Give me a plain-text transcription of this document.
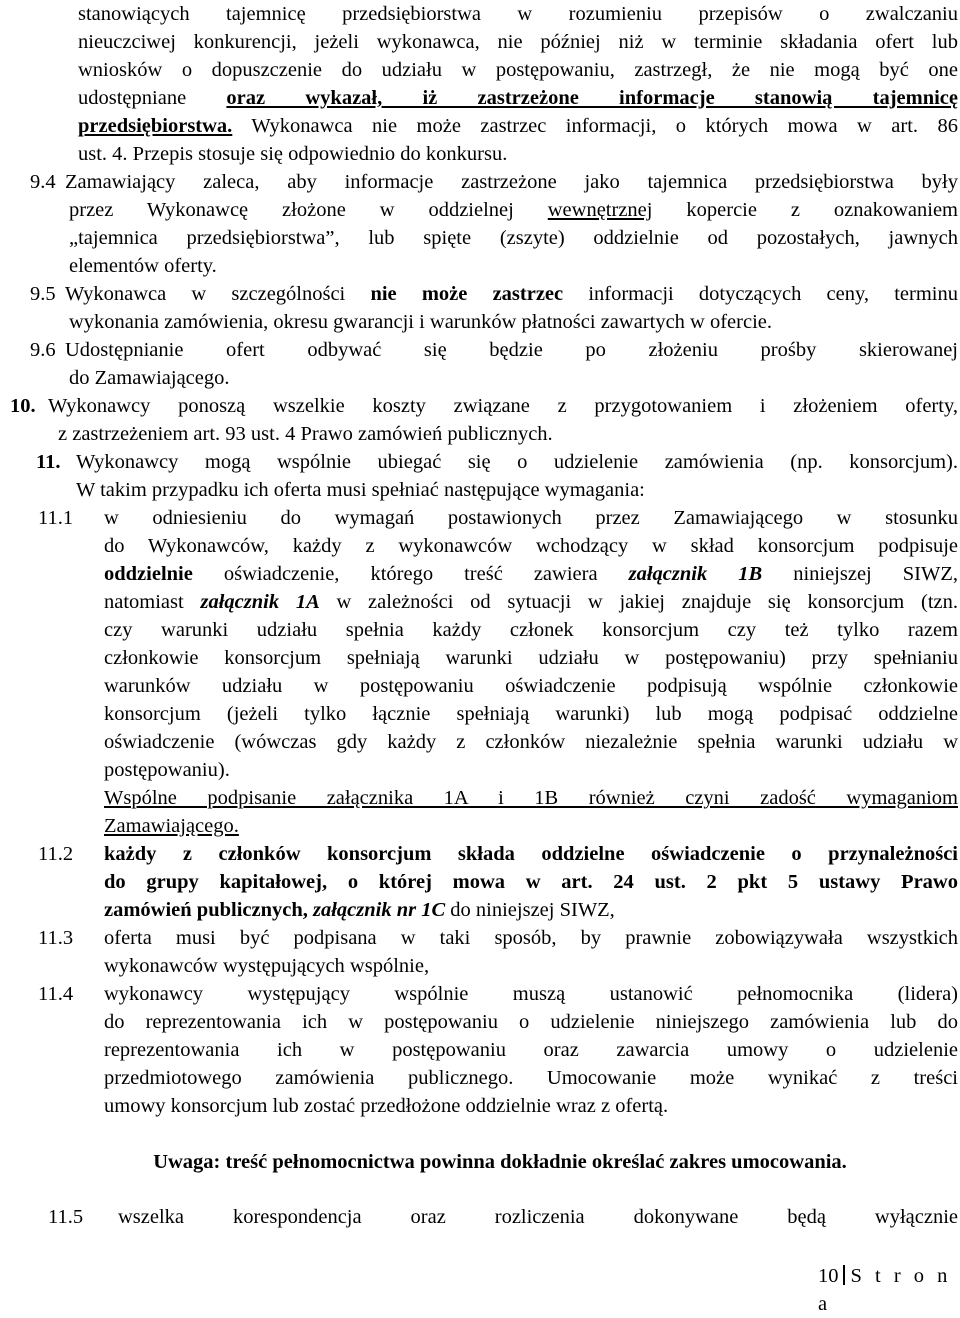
stanowiących tajemnicę przedsiębiorstwa w rozumieniu przepisów o zwalczaniu
nieuczciwej konkurencji, jeżeli wykonawca, nie później niż w terminie składania ofert lub
wniosków o dopuszczenie do udziału w postępowaniu, zastrzegł, że nie mogą być one
udostępniane oraz wykazał, iż zastrzeżone informacje stanowią tajemnicę
przedsiębiorstwa. Wykonawca nie może zastrzec informacji, o których mowa w art. 86
ust. 4. Przepis stosuje się odpowiednio do konkursu.
9.4 Zamawiający zaleca, aby informacje zastrzeżone jako tajemnica przedsiębiorstwa były
przez Wykonawcę złożone w oddzielnej wewnętrznej kopercie z oznakowaniem
„tajemnica przedsiębiorstwa”, lub spięte (zszyte) oddzielnie od pozostałych, jawnych
elementów oferty.
9.5 Wykonawca w szczególności nie może zastrzec informacji dotyczących ceny, terminu
wykonania zamówienia, okresu gwarancji i warunków płatności zawartych w ofercie.
9.6 Udostępnianie ofert odbywać się będzie po złożeniu prośby skierowanej
do Zamawiającego.
10. Wykonawcy ponoszą wszelkie koszty związane z przygotowaniem i złożeniem oferty,
z zastrzeżeniem art. 93 ust. 4 Prawo zamówień publicznych.
11. Wykonawcy mogą wspólnie ubiegać się o udzielenie zamówienia (np. konsorcjum).
W takim przypadku ich oferta musi spełniać następujące wymagania:
11.1 w odniesieniu do wymagań postawionych przez Zamawiającego w stosunku
do Wykonawców, każdy z wykonawców wchodzący w skład konsorcjum podpisuje
oddzielnie oświadczenie, którego treść zawiera załącznik 1B niniejszej SIWZ,
natomiast załącznik 1A w zależności od sytuacji w jakiej znajduje się konsorcjum (tzn.
czy warunki udziału spełnia każdy członek konsorcjum czy też tylko razem
członkowie konsorcjum spełniają warunki udziału w postępowaniu) przy spełnianiu
warunków udziału w postępowaniu oświadczenie podpisują wspólnie członkowie
konsorcjum (jeżeli tylko łącznie spełniają warunki) lub mogą podpisać oddzielne
oświadczenie (wówczas gdy każdy z członków niezależnie spełnia warunki udziału w
postępowaniu).
Wspólne podpisanie załącznika 1A i 1B również czyni zadość wymaganiom
Zamawiającego.
11.2 każdy z członków konsorcjum składa oddzielne oświadczenie o przynależności
do grupy kapitałowej, o której mowa w art. 24 ust. 2 pkt 5 ustawy Prawo
zamówień publicznych, załącznik nr 1C do niniejszej SIWZ,
11.3 oferta musi być podpisana w taki sposób, by prawnie zobowiązywała wszystkich
wykonawców występujących wspólnie,
11.4 wykonawcy występujący wspólnie muszą ustanowić pełnomocnika (lidera)
do reprezentowania ich w postępowaniu o udzielenie niniejszego zamówienia lub do
reprezentowania ich w postępowaniu oraz zawarcia umowy o udzielenie
przedmiotowego zamówienia publicznego. Umocowanie może wynikać z treści
umowy konsorcjum lub zostać przedłożone oddzielnie wraz z ofertą.
Uwaga: treść pełnomocnictwa powinna dokładnie określać zakres umocowania.
11.5 wszelka korespondencja oraz rozliczenia dokonywane będą wyłącznie
10 S t r o n a
